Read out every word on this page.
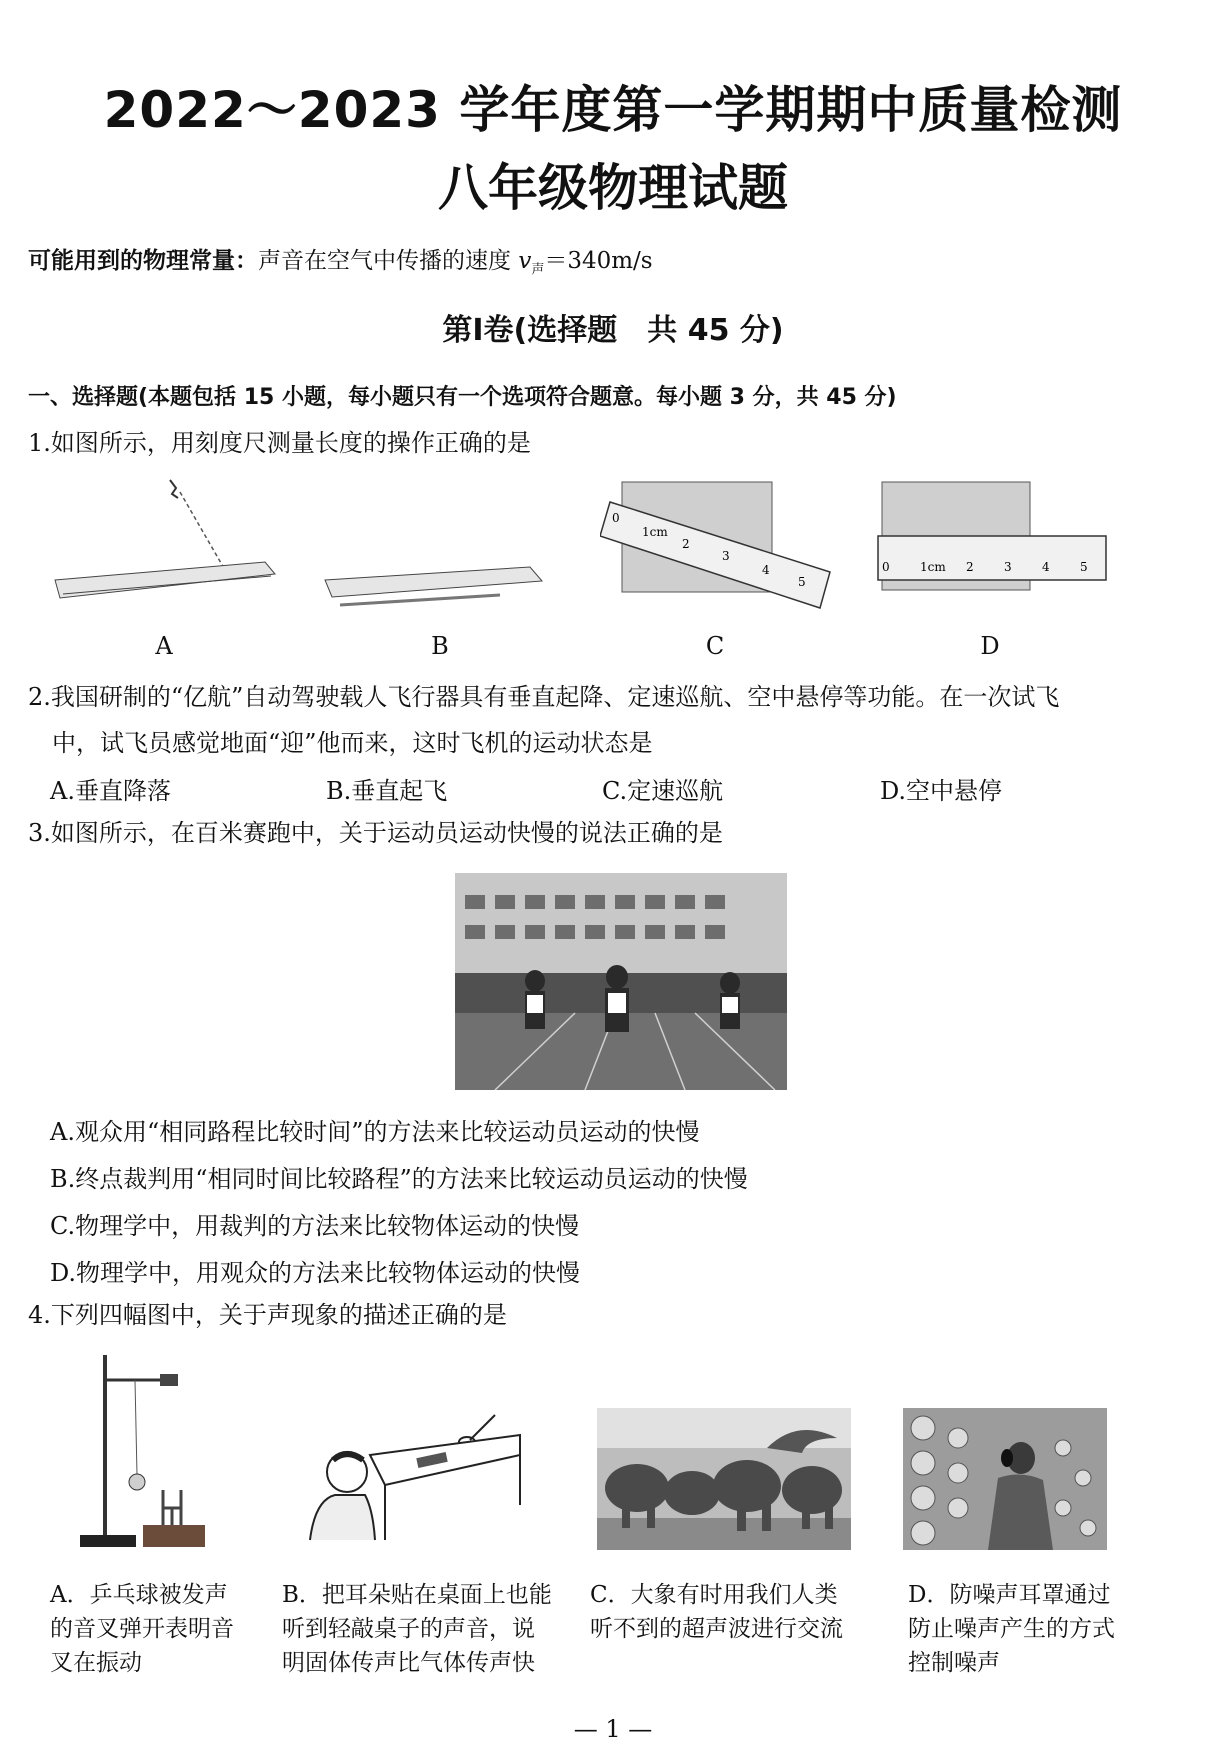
2022～2023 学年度第一学期期中质量检测
八年级物理试题
可能用到的物理常量：声音在空气中传播的速度 $v_声=340m/s$
第Ⅰ卷(选择题　共 45 分)
一、选择题(本题包括 15 小题，每小题只有一个选项符合题意。每小题 3 分，共 45 分)
1.如图所示，用刻度尺测量长度的操作正确的是
0
1cm
2
3
4
5
0	1cm 2	3	4	5
A	B	C	D
2.我国研制的“亿航”自动驾驶载人飞行器具有垂直起降、定速巡航、空中悬停等功能。在一次试飞
中，试飞员感觉地面“迎”他而来，这时飞机的运动状态是
A.垂直降落	B.垂直起飞	C.定速巡航	D.空中悬停
3.如图所示，在百米赛跑中，关于运动员运动快慢的说法正确的是
A.观众用“相同路程比较时间”的方法来比较运动员运动的快慢
B.终点裁判用“相同时间比较路程”的方法来比较运动员运动的快慢
C.物理学中，用裁判的方法来比较物体运动的快慢
D.物理学中，用观众的方法来比较物体运动的快慢
4.下列四幅图中，关于声现象的描述正确的是
A．乒乓球被发声的音叉弹开表明音叉在振动
B．把耳朵贴在桌面上也能听到轻敲桌子的声音，说明固体传声比气体传声快
C．大象有时用我们人类听不到的超声波进行交流
D．防噪声耳罩通过防止噪声产生的方式控制噪声
— 1 —
